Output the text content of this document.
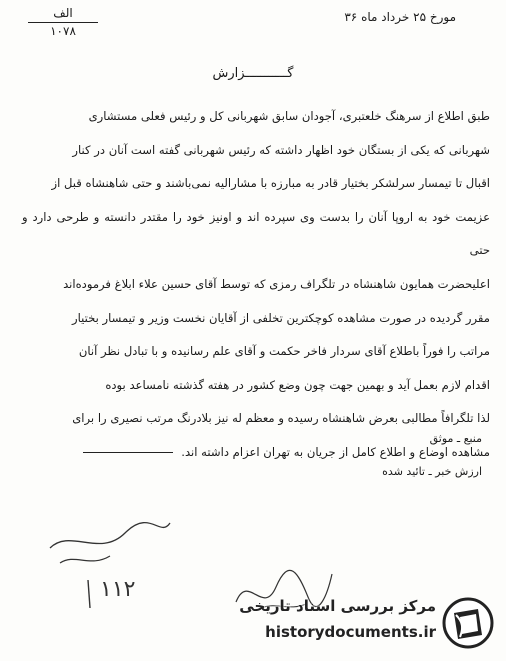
مورخ ۲۵ خرداد ماه ۳۶
الف
۱۰۷۸
گـــــــــــزارش

طبق اطلاع از سرهنگ خلعتبری، آجودان سابق شهربانی کل و رئیس فعلی مستشاری

شهربانی که یکی از بستگان خود اظهار داشته که رئیس شهربانی گفته است آنان در کنار

اقبال تا تیمسار سرلشکر بختیار قادر به مبارزه با مشارالیه نمی‌باشند و حتی شاهنشاه قبل از

عزیمت خود به اروپا آنان را بدست وی سپرده اند و اونیز خود را مقتدر دانسته و طرحی دارد و حتی

اعلیحضرت همایون شاهنشاه در تلگراف رمزی که توسط آقای حسین علاء ابلاغ فرموده‌اند

مقرر گردیده در صورت مشاهده کوچکترین تخلفی از آقایان نخست وزیر و تیمسار بختیار

مراتب را فوراً باطلاع آقای سردار فاخر حکمت و آقای علم رسانیده و با تبادل نظر آنان

اقدام لازم بعمل آید و بهمین جهت چون وضع کشور در هفته گذشته نامساعد بوده

لذا تلگرافاً مطالبی بعرض شاهنشاه رسیده و معظم له نیز بلادرنگ مرتب نصیری را برای

مشاهده اوضاع و اطلاع کامل از جریان به تهران اعزام داشته اند.

منبع ـ موثق
ارزش خبر ـ تائید شده
۱۱۲
مرکز بررسی اسناد تاریخی
historydocuments.ir
